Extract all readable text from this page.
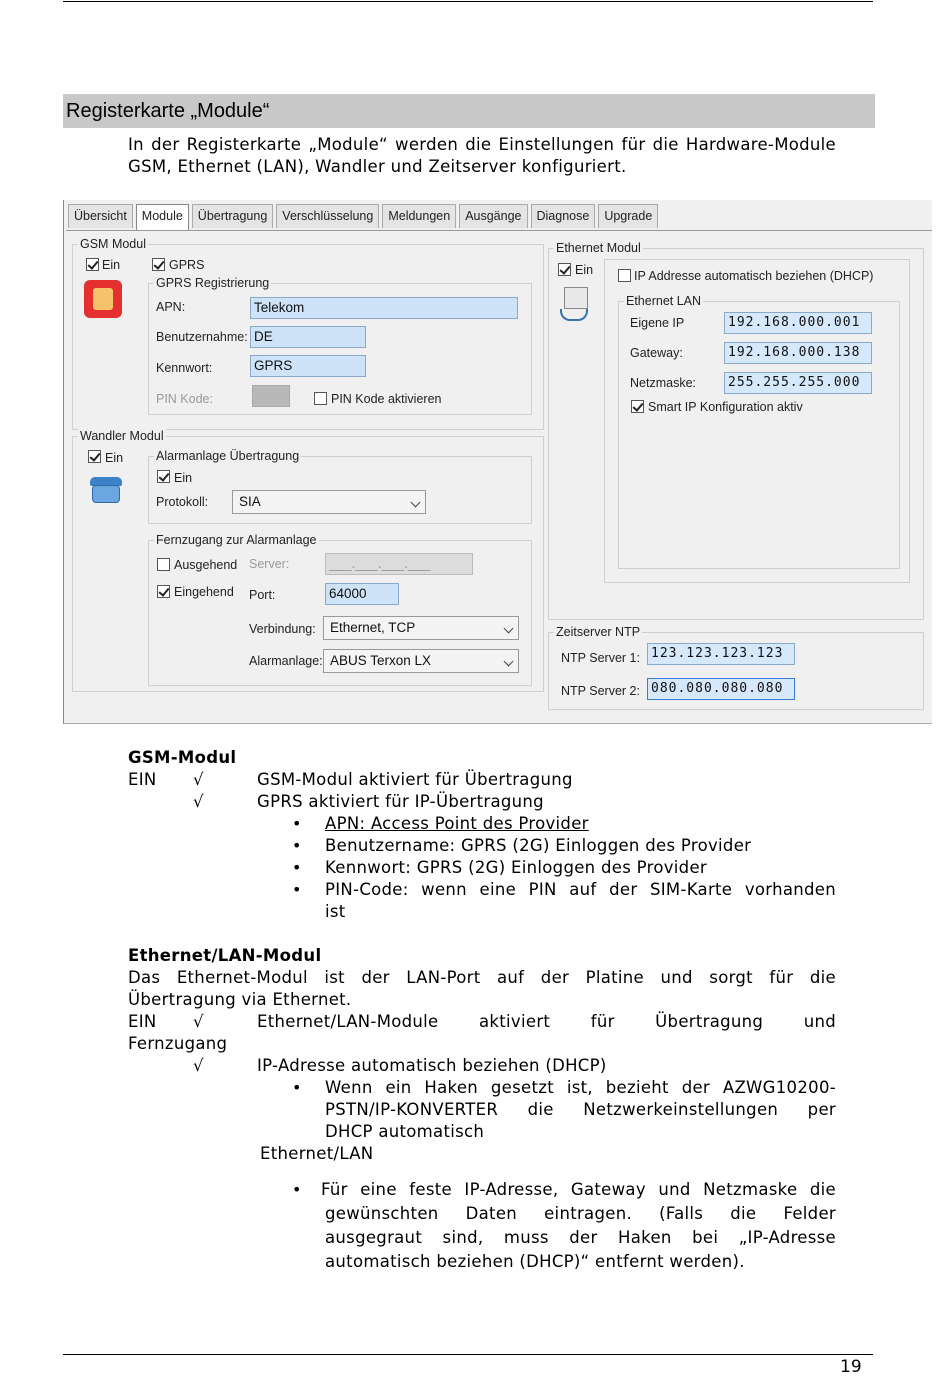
Registerkarte „Module“
In der Registerkarte „Module“ werden die Einstellungen für die Hardware-Module GSM, Ethernet (LAN), Wandler und Zeitserver konfiguriert.
Übersicht	Module	Übertragung	Verschlüsselung	Meldungen	Ausgänge	Diagnose	Upgrade
GSM Modul
Ein	GPRS
GPRS Registrierung
APN:	Telekom
Benutzernahme: DE
Kennwort:	GPRS
PIN Kode:	PIN Kode aktivieren
Wandler Modul
Ein	Alarmanlage Übertragung
Ein
Protokoll:	SIA
Fernzugang zur Alarmanlage
Ausgehend Server:	___.___.___.___
Eingehend Port:	64000
Verbindung:	Ethernet, TCP
Alarmanlage: ABUS Terxon LX
Ethernet Modul
Ein	IP Addresse automatisch beziehen (DHCP)
Ethernet LAN
Eigene IP	192.168.000.001
Gateway:	192.168.000.138
Netzmaske:	255.255.255.000
Smart IP Konfiguration aktiv
Zeitserver NTP
NTP Server 1: 123.123.123.123
NTP Server 2: 080.080.080.080
GSM-Modul
EIN √	GSM-Modul aktiviert für Übertragung
√	GPRS aktiviert für IP-Übertragung
• APN: Access Point des Provider
• Benutzername: GPRS (2G) Einloggen des Provider
• Kennwort: GPRS (2G) Einloggen des Provider
• PIN-Code: wenn eine PIN auf der SIM-Karte vorhanden
ist
Ethernet/LAN-Modul
Das Ethernet-Modul ist der LAN-Port auf der Platine und sorgt für die
Übertragung via Ethernet.
EIN √	Ethernet/LAN-Module aktiviert für Übertragung und
Fernzugang
√	IP-Adresse automatisch beziehen (DHCP)
• Wenn ein Haken gesetzt ist, bezieht der AZWG10200-
PSTN/IP-KONVERTER die Netzwerkeinstellungen per
DHCP automatisch
Ethernet/LAN
• Für eine feste IP-Adresse, Gateway und Netzmaske die
gewünschten Daten eintragen. (Falls die Felder
ausgegraut sind, muss der Haken bei „IP-Adresse
automatisch beziehen (DHCP)“ entfernt werden).
19
